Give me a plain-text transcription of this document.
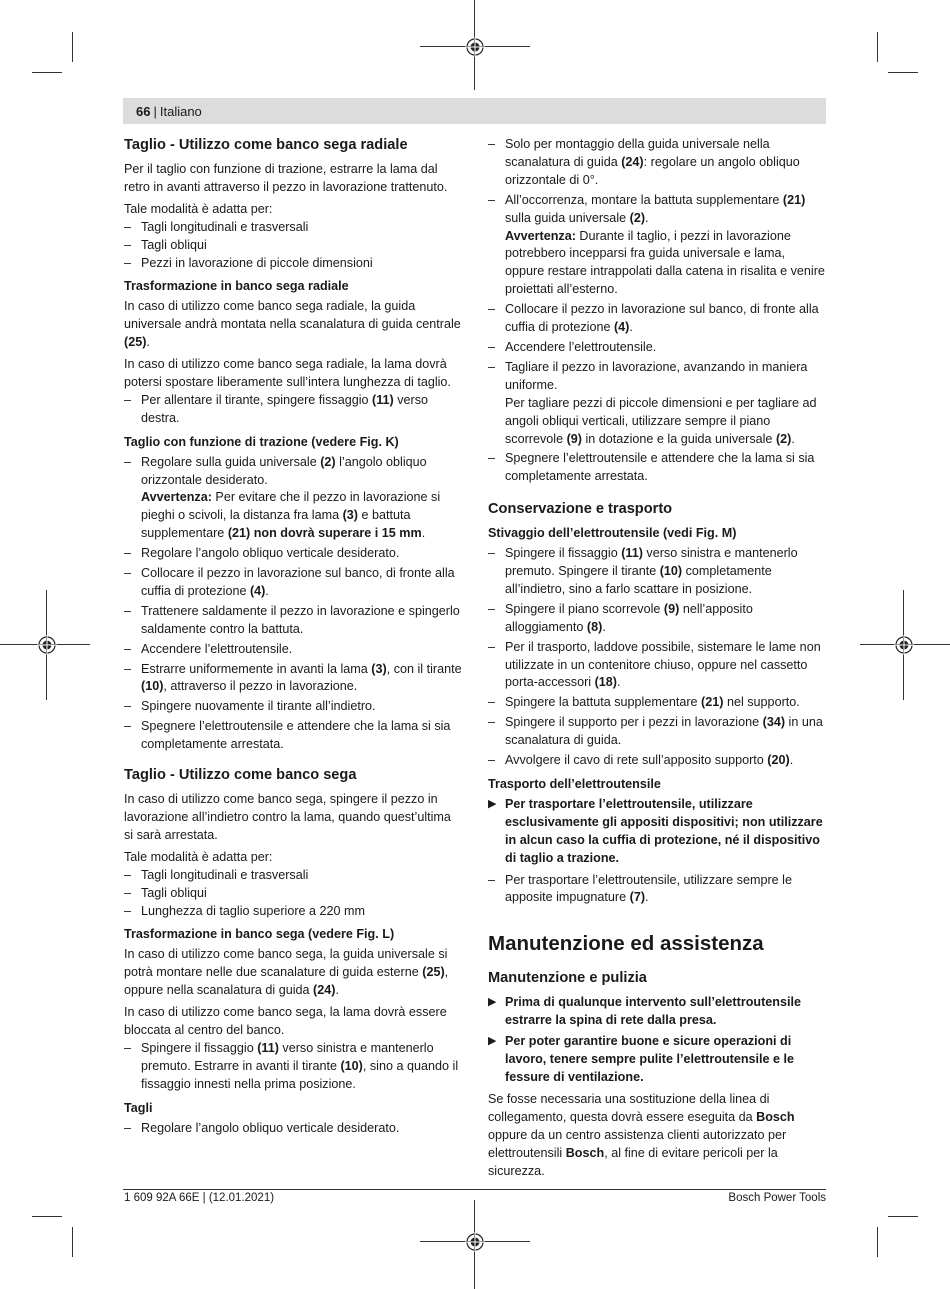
66 | Italiano
Taglio - Utilizzo come banco sega radiale

Per il taglio con funzione di trazione, estrarre la lama dal retro in avanti attraverso il pezzo in lavorazione trattenuto.

Tale modalità è adatta per:

– Tagli longitudinali e trasversali
– Tagli obliqui
– Pezzi in lavorazione di piccole dimensioni
Trasformazione in banco sega radiale

In caso di utilizzo come banco sega radiale, la guida universale andrà montata nella scanalatura di guida centrale (25).

In caso di utilizzo come banco sega radiale, la lama dovrà potersi spostare liberamente sull’intera lunghezza di taglio.

– Per allentare il tirante, spingere fissaggio (11) verso destra.
Taglio con funzione di trazione (vedere Fig. K)
– Regolare sulla guida universale (2) l’angolo obliquo orizzontale desiderato.
Avvertenza: Per evitare che il pezzo in lavorazione si pieghi o scivoli, la distanza fra lama (3) e battuta supplementare (21) non dovrà superare i 15 mm.
– Regolare l’angolo obliquo verticale desiderato.
– Collocare il pezzo in lavorazione sul banco, di fronte alla cuffia di protezione (4).
– Trattenere saldamente il pezzo in lavorazione e spingerlo saldamente contro la battuta.
– Accendere l’elettroutensile.
– Estrarre uniformemente in avanti la lama (3), con il tirante (10), attraverso il pezzo in lavorazione.
– Spingere nuovamente il tirante all’indietro.
– Spegnere l’elettroutensile e attendere che la lama si sia completamente arrestata.
Taglio - Utilizzo come banco sega

In caso di utilizzo come banco sega, spingere il pezzo in lavorazione all’indietro contro la lama, quando quest’ultima si sarà arrestata.

Tale modalità è adatta per:

– Tagli longitudinali e trasversali
– Tagli obliqui
– Lunghezza di taglio superiore a 220 mm
Trasformazione in banco sega (vedere Fig. L)

In caso di utilizzo come banco sega, la guida universale si potrà montare nelle due scanalature di guida esterne (25), oppure nella scanalatura di guida (24).

In caso di utilizzo come banco sega, la lama dovrà essere bloccata al centro del banco.

– Spingere il fissaggio (11) verso sinistra e mantenerlo premuto. Estrarre in avanti il tirante (10), sino a quando il fissaggio innesti nella prima posizione.
Tagli
– Regolare l’angolo obliquo verticale desiderato.
– Solo per montaggio della guida universale nella scanalatura di guida (24): regolare un angolo obliquo orizzontale di 0°.
– All’occorrenza, montare la battuta supplementare (21) sulla guida universale (2).
Avvertenza: Durante il taglio, i pezzi in lavorazione potrebbero incepparsi fra guida universale e lama, oppure restare intrappolati dalla catena in risalita e venire proiettati all’esterno.
– Collocare il pezzo in lavorazione sul banco, di fronte alla cuffia di protezione (4).
– Accendere l’elettroutensile.
– Tagliare il pezzo in lavorazione, avanzando in maniera uniforme.
Per tagliare pezzi di piccole dimensioni e per tagliare ad angoli obliqui verticali, utilizzare sempre il piano scorrevole (9) in dotazione e la guida universale (2).
– Spegnere l’elettroutensile e attendere che la lama si sia completamente arrestata.
Conservazione e trasporto
Stivaggio dell’elettroutensile (vedi Fig. M)
– Spingere il fissaggio (11) verso sinistra e mantenerlo premuto. Spingere il tirante (10) completamente all’indietro, sino a farlo scattare in posizione.
– Spingere il piano scorrevole (9) nell’apposito alloggiamento (8).
– Per il trasporto, laddove possibile, sistemare le lame non utilizzate in un contenitore chiuso, oppure nel cassetto porta-accessori (18).
– Spingere la battuta supplementare (21) nel supporto.
– Spingere il supporto per i pezzi in lavorazione (34) in una scanalatura di guida.
– Avvolgere il cavo di rete sull’apposito supporto (20).
Trasporto dell’elettroutensile
▶ Per trasportare l’elettroutensile, utilizzare esclusivamente gli appositi dispositivi; non utilizzare in alcun caso la cuffia di protezione, né il dispositivo di taglio a trazione.
– Per trasportare l’elettroutensile, utilizzare sempre le apposite impugnature (7).
Manutenzione ed assistenza
Manutenzione e pulizia
▶ Prima di qualunque intervento sull’elettroutensile estrarre la spina di rete dalla presa.
▶ Per poter garantire buone e sicure operazioni di lavoro, tenere sempre pulite l’elettroutensile e le fessure di ventilazione.

Se fosse necessaria una sostituzione della linea di collegamento, questa dovrà essere eseguita da Bosch oppure da un centro assistenza clienti autorizzato per elettroutensili Bosch, al fine di evitare pericoli per la sicurezza.

1 609 92A 66E | (12.01.2021)	Bosch Power Tools
